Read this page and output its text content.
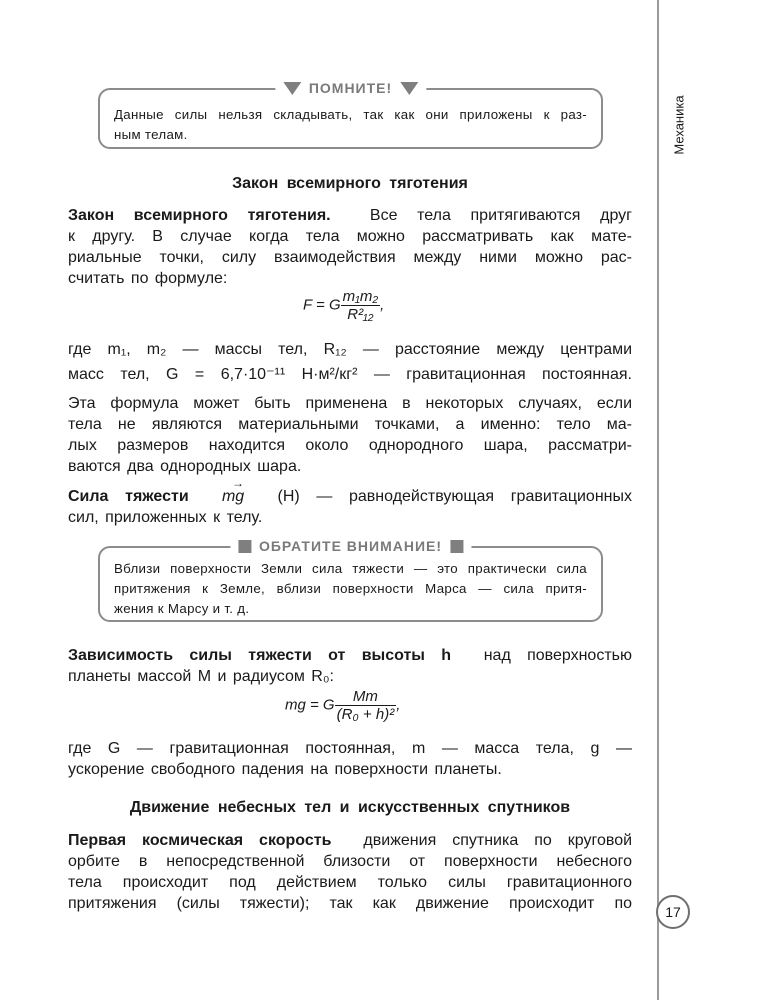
Механика
17
ПОМНИТЕ!
Данные силы нельзя складывать, так как они приложены к раз-
ным телам.
Закон всемирного тяготения
Закон всемирного тяготения. Все тела притягиваются друг
к другу. В случае когда тела можно рассматривать как мате-
риальные точки, силу взаимодействия между ними можно рас-
считать по формуле:
F = G $\frac{\text{m₁m₂}}{\text{R²₁₂}}$ ,
где m₁, m₂ — массы тел, R₁₂ — расстояние между центрами
масс тел, G = 6,7·10⁻¹¹ Н·м²/кг² — гравитационная постоянная.
Эта формула может быть применена в некоторых случаях, если
тела не являются материальными точками, а именно: тело ма-
лых размеров находится около однородного шара, рассматри-
ваются два однородных шара.
Сила тяжести  → mg (Н) — равнодействующая гравитационных
сил, приложенных к телу.
ОБРАТИТЕ ВНИМАНИЕ!
Вблизи поверхности Земли сила тяжести — это практически сила
притяжения к Земле, вблизи поверхности Марса — сила притя-
жения к Марсу и т. д.
Зависимость силы тяжести от высоты h над поверхностью
планеты массой M и радиусом R₀:
mg = G $\frac{Mm}{\text{(R₀ + h)²}}$ ,
где G — гравитационная постоянная, m — масса тела, g —
ускорение свободного падения на поверхности планеты.
Движение небесных тел и искусственных спутников
Первая космическая скорость движения спутника по круговой
орбите в непосредственной близости от поверхности небесного
тела происходит под действием только силы гравитационного
притяжения (силы тяжести); так как движение происходит по
